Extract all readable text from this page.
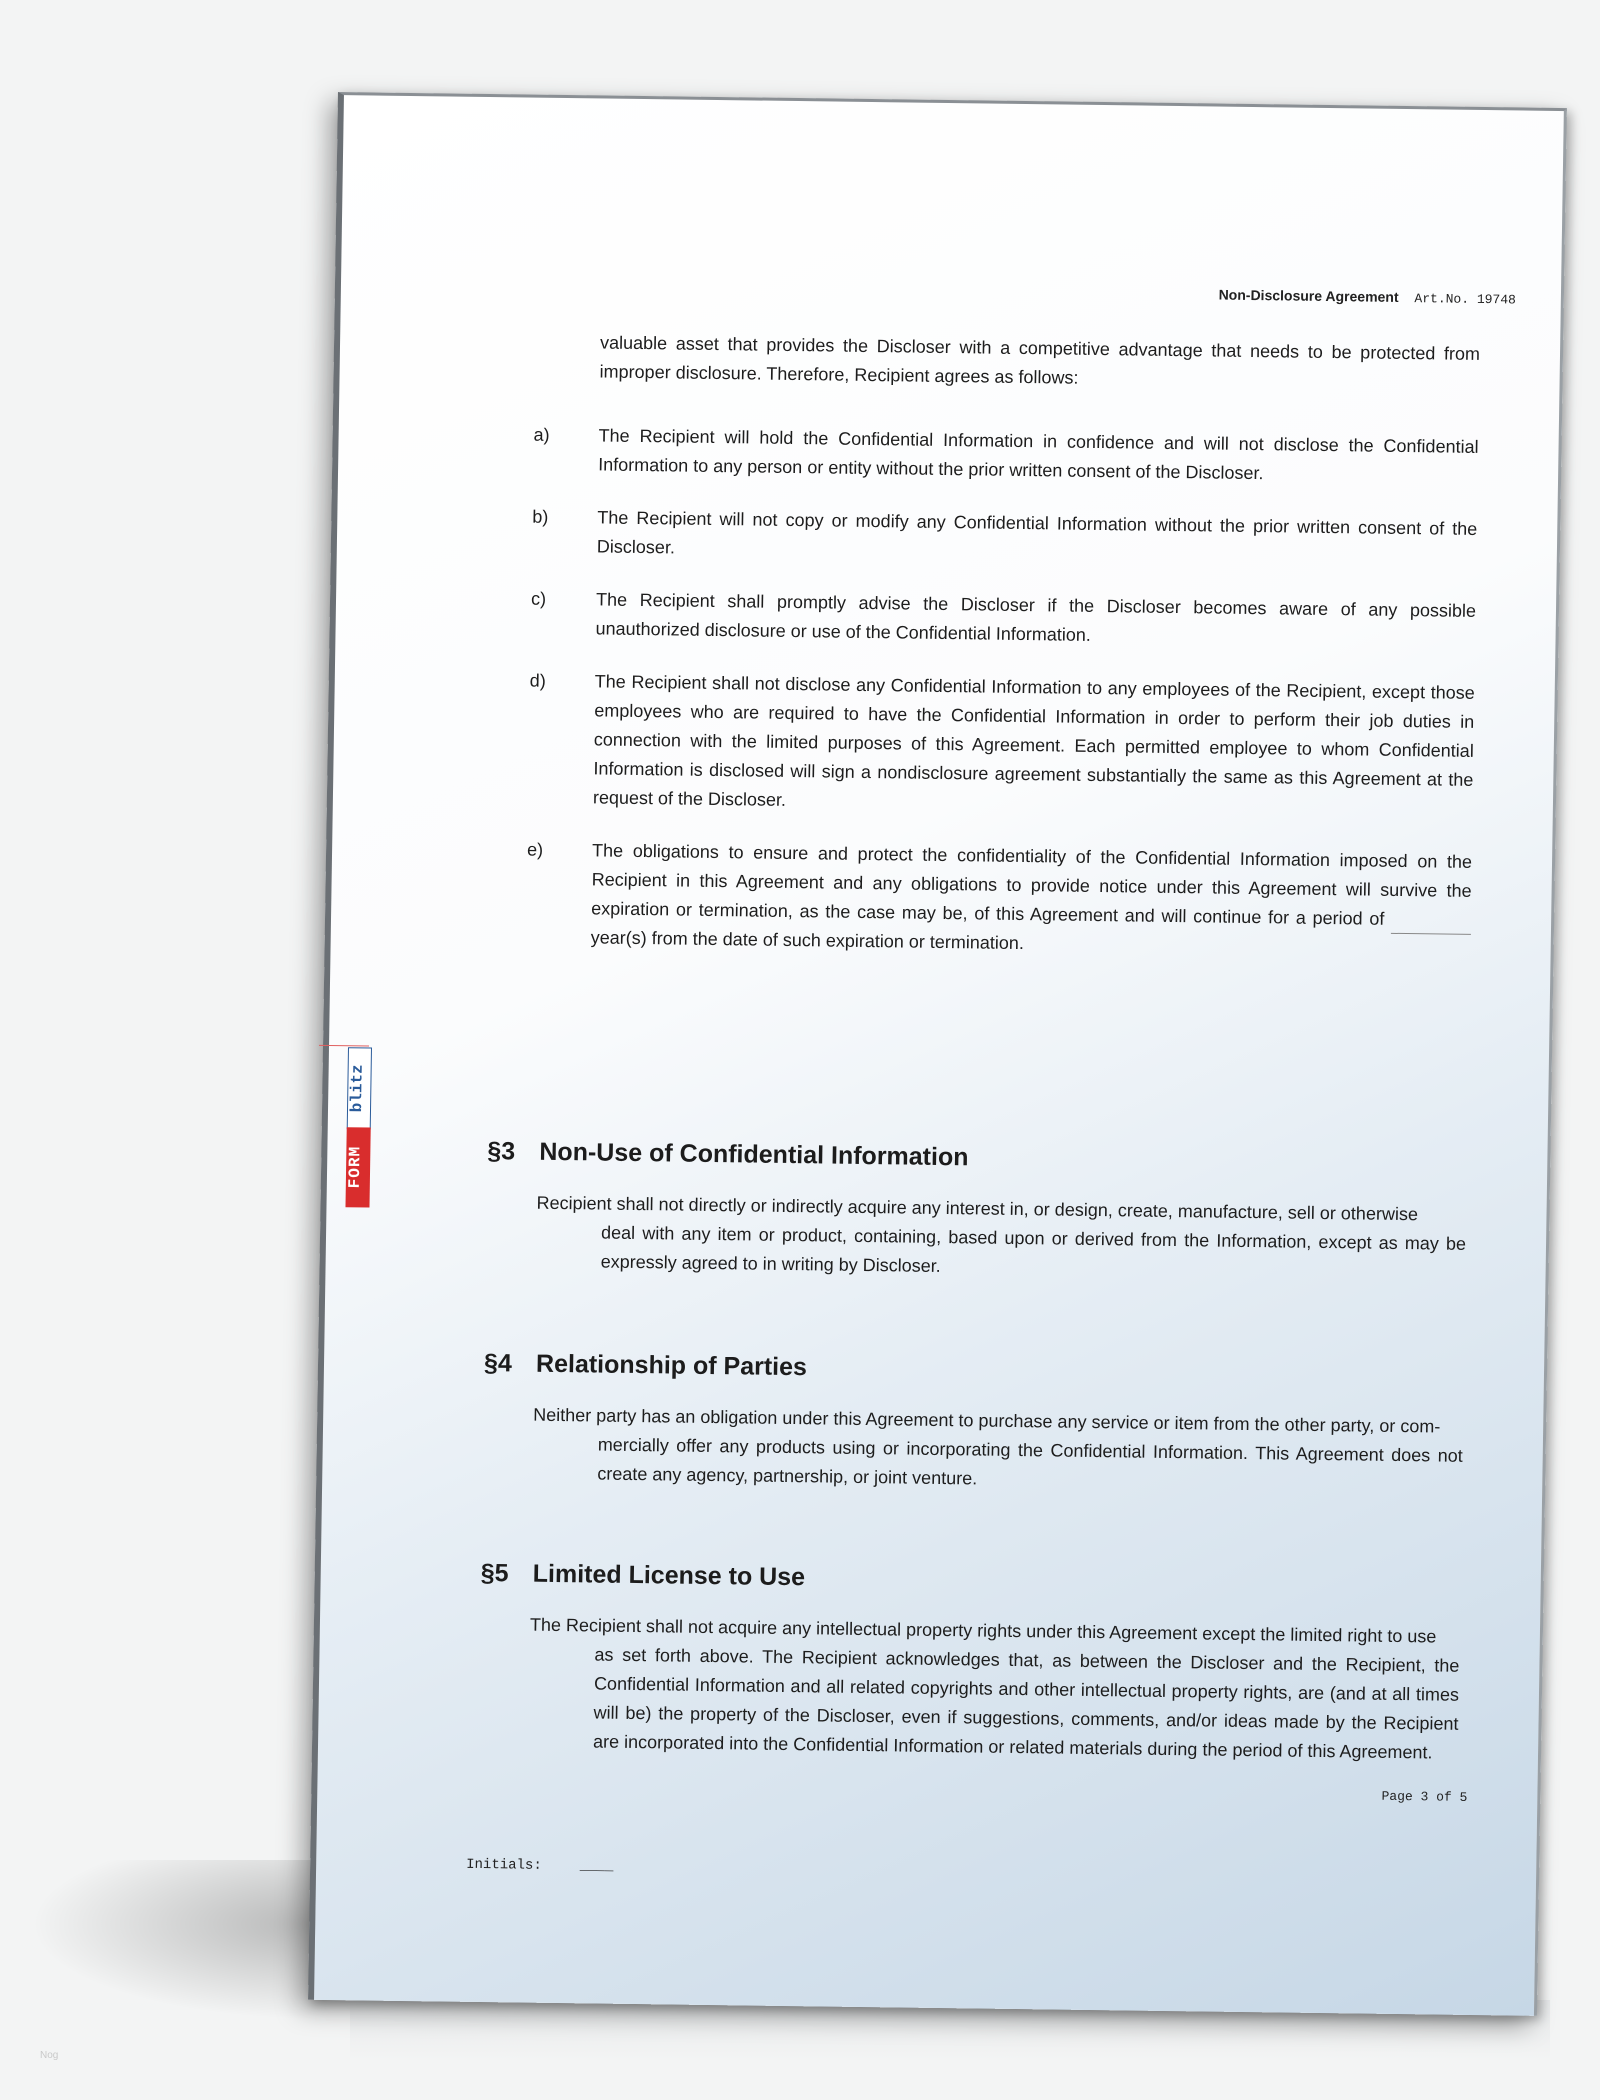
Non-Disclosure Agreement Art.No. 19748
blitz
FORM
valuable asset that provides the Discloser with a competitive advantage that needs to be protected from improper disclosure. Therefore, Recipient agrees as follows:
a)	The Recipient will hold the Confidential Information in confidence and will not disclose the Confidential Information to any person or entity without the prior written consent of the Discloser.
b)	The Recipient will not copy or modify any Confidential Information without the prior written consent of the Discloser.
c)	The Recipient shall promptly advise the Discloser if the Discloser becomes aware of any possible unauthorized disclosure or use of the Confidential Information.
d)	The Recipient shall not disclose any Confidential Information to any employees of the Recipient, except those employees who are required to have the Confidential Information in order to perform their job duties in connection with the limited purposes of this Agreement. Each permitted employee to whom Confidential Information is disclosed will sign a nondisclosure agreement substantially the same as this Agreement at the request of the Discloser.
e)	The obligations to ensure and protect the confidentiality of the Confidential Information imposed on the Recipient in this Agreement and any obligations to provide notice under this Agreement will survive the expiration or termination, as the case may be, of this Agreement and will continue for a period of  year(s) from the date of such expiration or termination.
§3 Non-Use of Confidential Information
Recipient shall not directly or indirectly acquire any interest in, or design, create, manufacture, sell or otherwise
deal with any item or product, containing, based upon or derived from the Information, except as may be expressly agreed to in writing by Discloser.
§4 Relationship of Parties
Neither party has an obligation under this Agreement to purchase any service or item from the other party, or com-
mercially offer any products using or incorporating the Confidential Information. This Agreement does not create any agency, partnership, or joint venture.
§5 Limited License to Use
The Recipient shall not acquire any intellectual property rights under this Agreement except the limited right to use
as set forth above. The Recipient acknowledges that, as between the Discloser and the Recipient, the Confidential Information and all related copyrights and other intellectual property rights, are (and at all times will be) the property of the Discloser, even if suggestions, comments, and/or ideas made by the Recipient are incorporated into the Confidential Information or related materials during the period of this Agreement.
Page 3 of 5
Initials:	____
Nog
